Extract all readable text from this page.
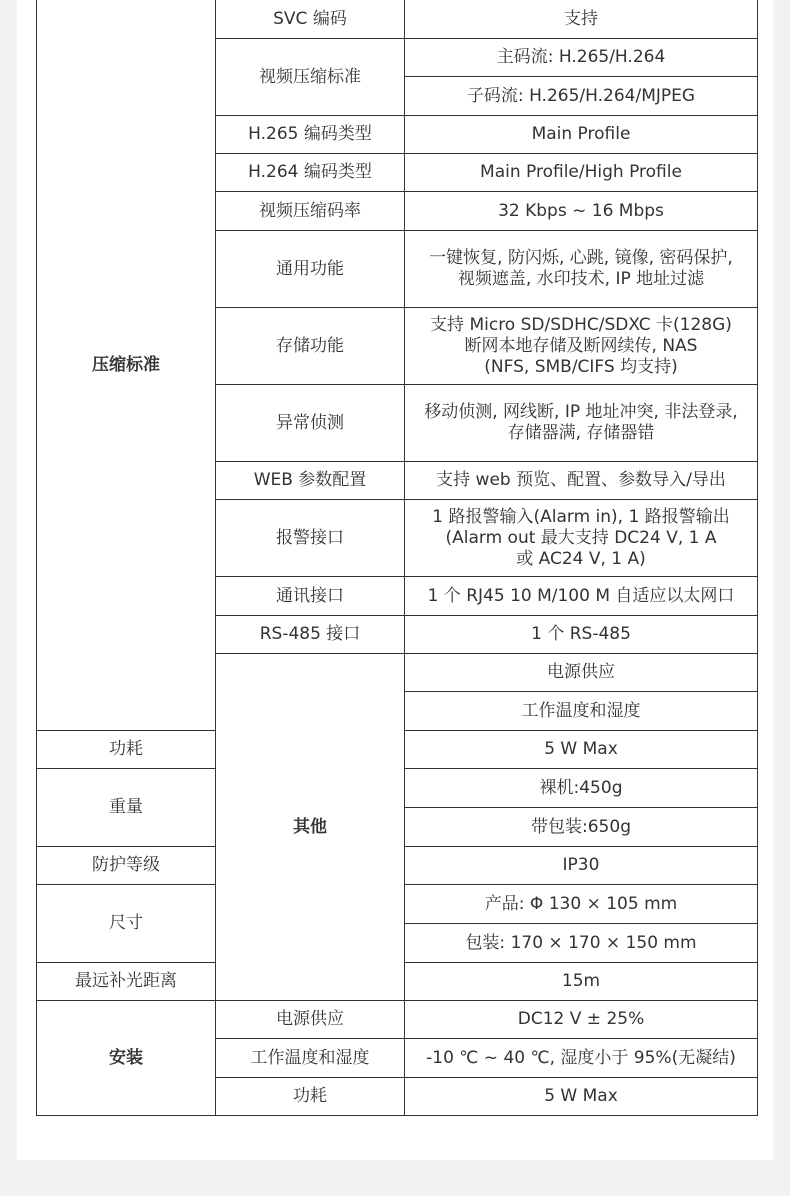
压缩标准	SVC 编码	支持	
	视频压缩标准	主码流: H.265/H.264	
		子码流: H.265/H.264/MJPEG	
	H.265 编码类型	Main Profile	
	H.264 编码类型	Main Profile/High Profile	
	视频压缩码率	32 Kbps ~ 16 Mbps	
	通用功能	一键恢复, 防闪烁, 心跳, 镜像, 密码保护,
视频遮盖, 水印技术, IP 地址过滤	

	存储功能	支持 Micro SD/SDHC/SDXC 卡(128G)
断网本地存储及断网续传, NAS
(NFS, SMB/CIFS 均支持)	

	异常侦测	移动侦测, 网线断, IP 地址冲突, 非法登录,
存储器满, 存储器错	

	WEB 参数配置	支持 web 预览、配置、参数导入/导出	
	报警接口	1 路报警输入(Alarm in), 1 路报警输出
(Alarm out 最大支持 DC24 V, 1 A
或 AC24 V, 1 A)	

	通讯接口	1 个 RJ45 10 M/100 M 自适应以太网口	
	RS-485 接口	1 个 RS-485	
	其他	电源供应	
		工作温度和湿度	
功耗		5 W Max	
重量		裸机:450g	
		带包装:650g	
防护等级		IP30	
尺寸		产品: Φ 130 × 105 mm	
		包装: 170 × 170 × 150 mm	
最远补光距离		15m	
安装	电源供应	DC12 V ± 25%	
	工作温度和湿度	-10 ℃ ~ 40 ℃, 湿度小于 95%(无凝结)	
	功耗	5 W Max	
